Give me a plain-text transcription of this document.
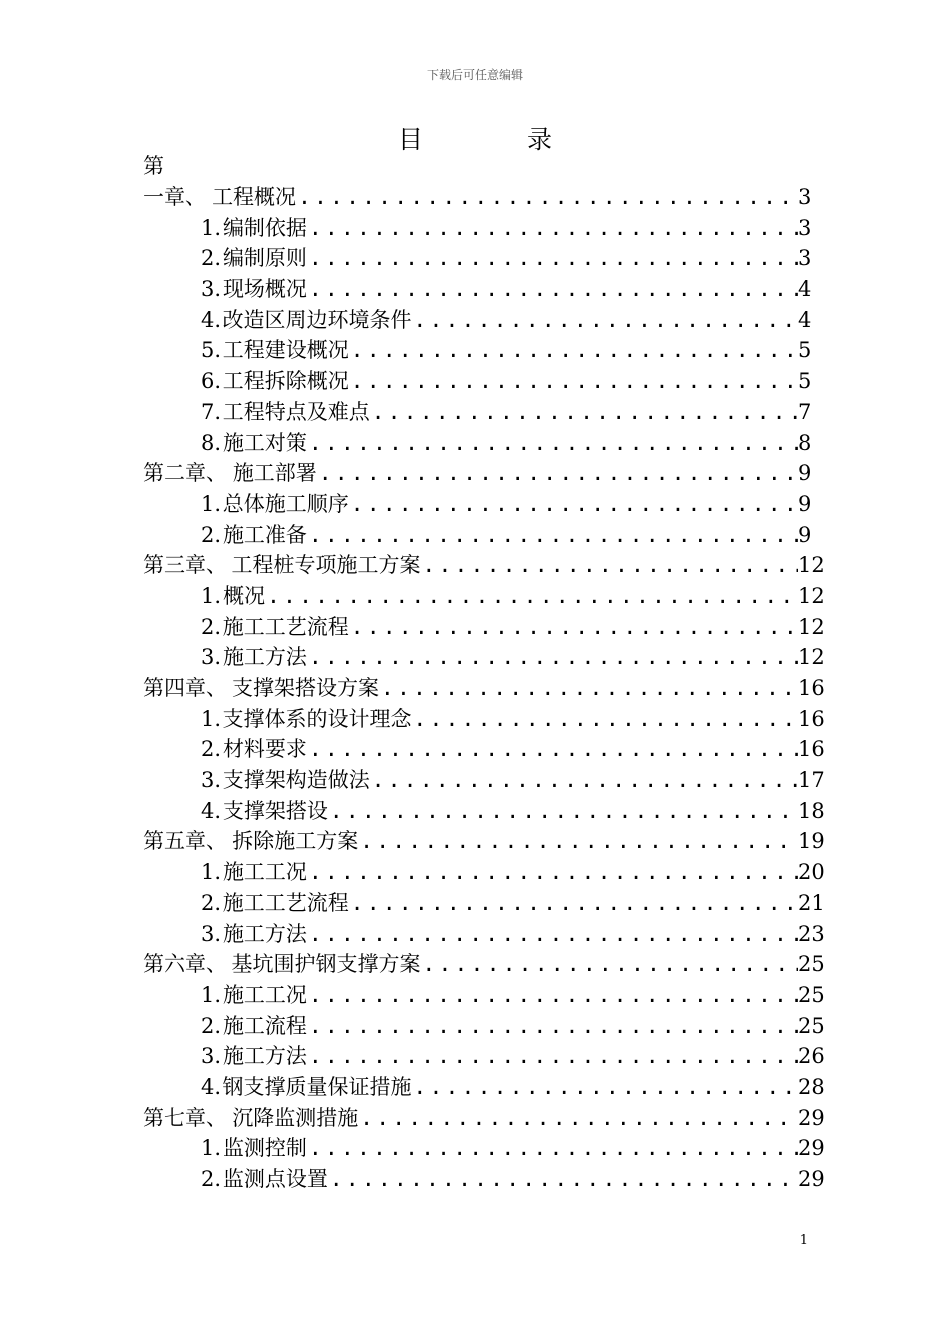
下载后可任意编辑
目 录
第
一章、 工程概况 .....	3
1. 编制依据 .....	3
2. 编制原则 .....	3
3. 现场概况 .....	4
4. 改造区周边环境条件 .....	4
5. 工程建设概况 .....	5
6. 工程拆除概况 .....	5
7. 工程特点及难点 .....	7
8. 施工对策 .....	8
第二章、 施工部署 .....	9
1. 总体施工顺序 .....	9
2. 施工准备 .....	9
第三章、 工程桩专项施工方案 .....	12
1. 概况 .....	12
2. 施工工艺流程 .....	12
3. 施工方法 .....	12
第四章、 支撑架搭设方案 .....	16
1. 支撑体系的设计理念 .....	16
2. 材料要求 .....	16
3. 支撑架构造做法 .....	17
4. 支撑架搭设 .....	18
第五章、 拆除施工方案 .....	19
1. 施工工况 .....	20
2. 施工工艺流程 .....	21
3. 施工方法 .....	23
第六章、 基坑围护钢支撑方案 .....	25
1. 施工工况 .....	25
2. 施工流程 .....	25
3. 施工方法 .....	26
4. 钢支撑质量保证措施 .....	28
第七章、 沉降监测措施 .....	29
1. 监测控制 .....	29
2. 监测点设置 .....	29
1
